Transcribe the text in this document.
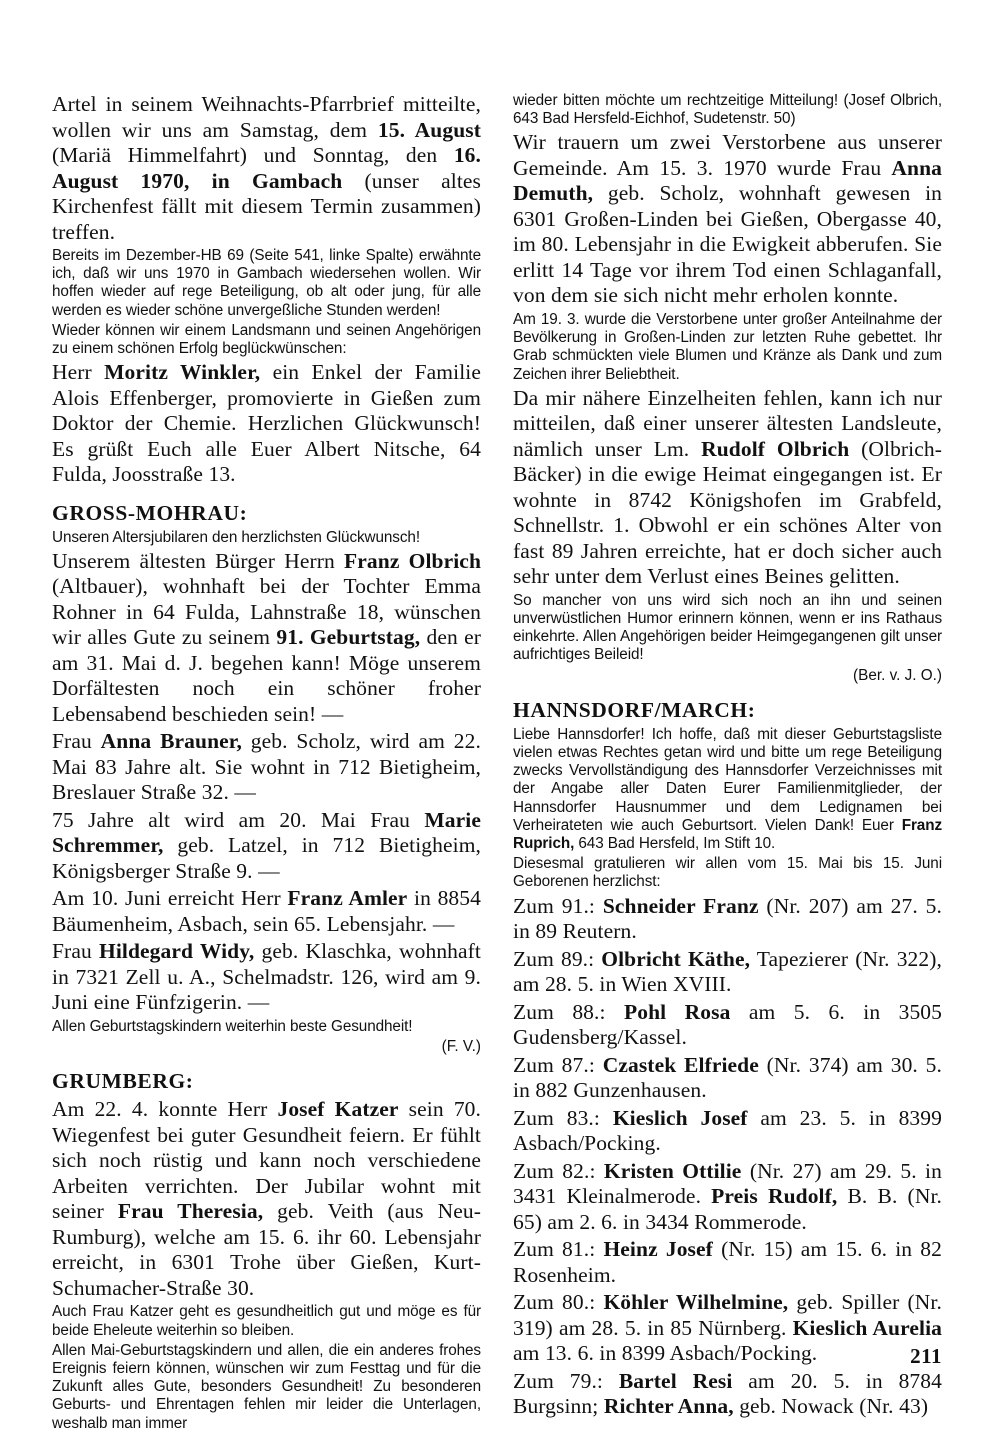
Artel in seinem Weihnachts-Pfarrbrief mitteilte, wollen wir uns am Samstag, dem 15. August (Mariä Himmelfahrt) und Sonntag, den 16. August 1970, in Gambach (unser altes Kirchenfest fällt mit diesem Termin zusammen) treffen.

Bereits im Dezember-HB 69 (Seite 541, linke Spalte) erwähnte ich, daß wir uns 1970 in Gambach wiedersehen wollen. Wir hoffen wieder auf rege Beteiligung, ob alt oder jung, für alle werden es wieder schöne unvergeßliche Stunden werden!

Wieder können wir einem Landsmann und seinen Angehörigen zu einem schönen Erfolg beglückwünschen:

Herr Moritz Winkler, ein Enkel der Familie Alois Effenberger, promovierte in Gießen zum Doktor der Chemie. Herzlichen Glückwunsch! Es grüßt Euch alle Euer Albert Nitsche, 64 Fulda, Joosstraße 13.

GROSS-MOHRAU:

Unseren Altersjubilaren den herzlichsten Glückwunsch!

Unserem ältesten Bürger Herrn Franz Olbrich (Altbauer), wohnhaft bei der Tochter Emma Rohner in 64 Fulda, Lahnstraße 18, wünschen wir alles Gute zu seinem 91. Geburtstag, den er am 31. Mai d. J. begehen kann! Möge unserem Dorfältesten noch ein schöner froher Lebensabend beschieden sein! —

Frau Anna Brauner, geb. Scholz, wird am 22. Mai 83 Jahre alt. Sie wohnt in 712 Bietigheim, Breslauer Straße 32. —

75 Jahre alt wird am 20. Mai Frau Marie Schremmer, geb. Latzel, in 712 Bietigheim, Königsberger Straße 9. —

Am 10. Juni erreicht Herr Franz Amler in 8854 Bäumenheim, Asbach, sein 65. Lebensjahr. —

Frau Hildegard Widy, geb. Klaschka, wohnhaft in 7321 Zell u. A., Schelmadstr. 126, wird am 9. Juni eine Fünfzigerin. —

Allen Geburtstagskindern weiterhin beste Gesundheit!

(F. V.)

GRUMBERG:

Am 22. 4. konnte Herr Josef Katzer sein 70. Wiegenfest bei guter Gesundheit feiern. Er fühlt sich noch rüstig und kann noch verschiedene Arbeiten verrichten. Der Jubilar wohnt mit seiner Frau Theresia, geb. Veith (aus Neu-Rumburg), welche am 15. 6. ihr 60. Lebensjahr erreicht, in 6301 Trohe über Gießen, Kurt-Schumacher-Straße 30.

Auch Frau Katzer geht es gesundheitlich gut und möge es für beide Eheleute weiterhin so bleiben.

Allen Mai-Geburtstagskindern und allen, die ein anderes frohes Ereignis feiern können, wünschen wir zum Festtag und für die Zukunft alles Gute, besonders Gesundheit! Zu besonderen Geburts- und Ehrentagen fehlen mir leider die Unterlagen, weshalb man immer

wieder bitten möchte um rechtzeitige Mitteilung! (Josef Olbrich, 643 Bad Hersfeld-Eichhof, Sudetenstr. 50)

Wir trauern um zwei Verstorbene aus unserer Gemeinde. Am 15. 3. 1970 wurde Frau Anna Demuth, geb. Scholz, wohnhaft gewesen in 6301 Großen-Linden bei Gießen, Obergasse 40, im 80. Lebensjahr in die Ewigkeit abberufen. Sie erlitt 14 Tage vor ihrem Tod einen Schlaganfall, von dem sie sich nicht mehr erholen konnte.

Am 19. 3. wurde die Verstorbene unter großer Anteilnahme der Bevölkerung in Großen-Linden zur letzten Ruhe gebettet. Ihr Grab schmückten viele Blumen und Kränze als Dank und zum Zeichen ihrer Beliebtheit.

Da mir nähere Einzelheiten fehlen, kann ich nur mitteilen, daß einer unserer ältesten Landsleute, nämlich unser Lm. Rudolf Olbrich (Olbrich-Bäcker) in die ewige Heimat eingegangen ist. Er wohnte in 8742 Königshofen im Grabfeld, Schnellstr. 1. Obwohl er ein schönes Alter von fast 89 Jahren erreichte, hat er doch sicher auch sehr unter dem Verlust eines Beines gelitten.

So mancher von uns wird sich noch an ihn und seinen unverwüstlichen Humor erinnern können, wenn er ins Rathaus einkehrte. Allen Angehörigen beider Heimgegangenen gilt unser aufrichtiges Beileid!

(Ber. v. J. O.)

HANNSDORF/MARCH:

Liebe Hannsdorfer! Ich hoffe, daß mit dieser Geburtstagsliste vielen etwas Rechtes getan wird und bitte um rege Beteiligung zwecks Vervollständigung des Hannsdorfer Verzeichnisses mit der Angabe aller Daten Eurer Familienmitglieder, der Hannsdorfer Hausnummer und dem Ledignamen bei Verheirateten wie auch Geburtsort. Vielen Dank! Euer Franz Ruprich, 643 Bad Hersfeld, Im Stift 10.

Diesesmal gratulieren wir allen vom 15. Mai bis 15. Juni Geborenen herzlichst:

Zum 91.: Schneider Franz (Nr. 207) am 27. 5. in 89 Reutern.

Zum 89.: Olbricht Käthe, Tapezierer (Nr. 322), am 28. 5. in Wien XVIII.

Zum 88.: Pohl Rosa am 5. 6. in 3505 Gudensberg/Kassel.

Zum 87.: Czastek Elfriede (Nr. 374) am 30. 5. in 882 Gunzenhausen.

Zum 83.: Kieslich Josef am 23. 5. in 8399 Asbach/Pocking.

Zum 82.: Kristen Ottilie (Nr. 27) am 29. 5. in 3431 Kleinalmerode. Preis Rudolf, B. B. (Nr. 65) am 2. 6. in 3434 Rommerode.

Zum 81.: Heinz Josef (Nr. 15) am 15. 6. in 82 Rosenheim.

Zum 80.: Köhler Wilhelmine, geb. Spiller (Nr. 319) am 28. 5. in 85 Nürnberg. Kieslich Aurelia am 13. 6. in 8399 Asbach/Pocking.

Zum 79.: Bartel Resi am 20. 5. in 8784 Burgsinn; Richter Anna, geb. Nowack (Nr. 43)

211
